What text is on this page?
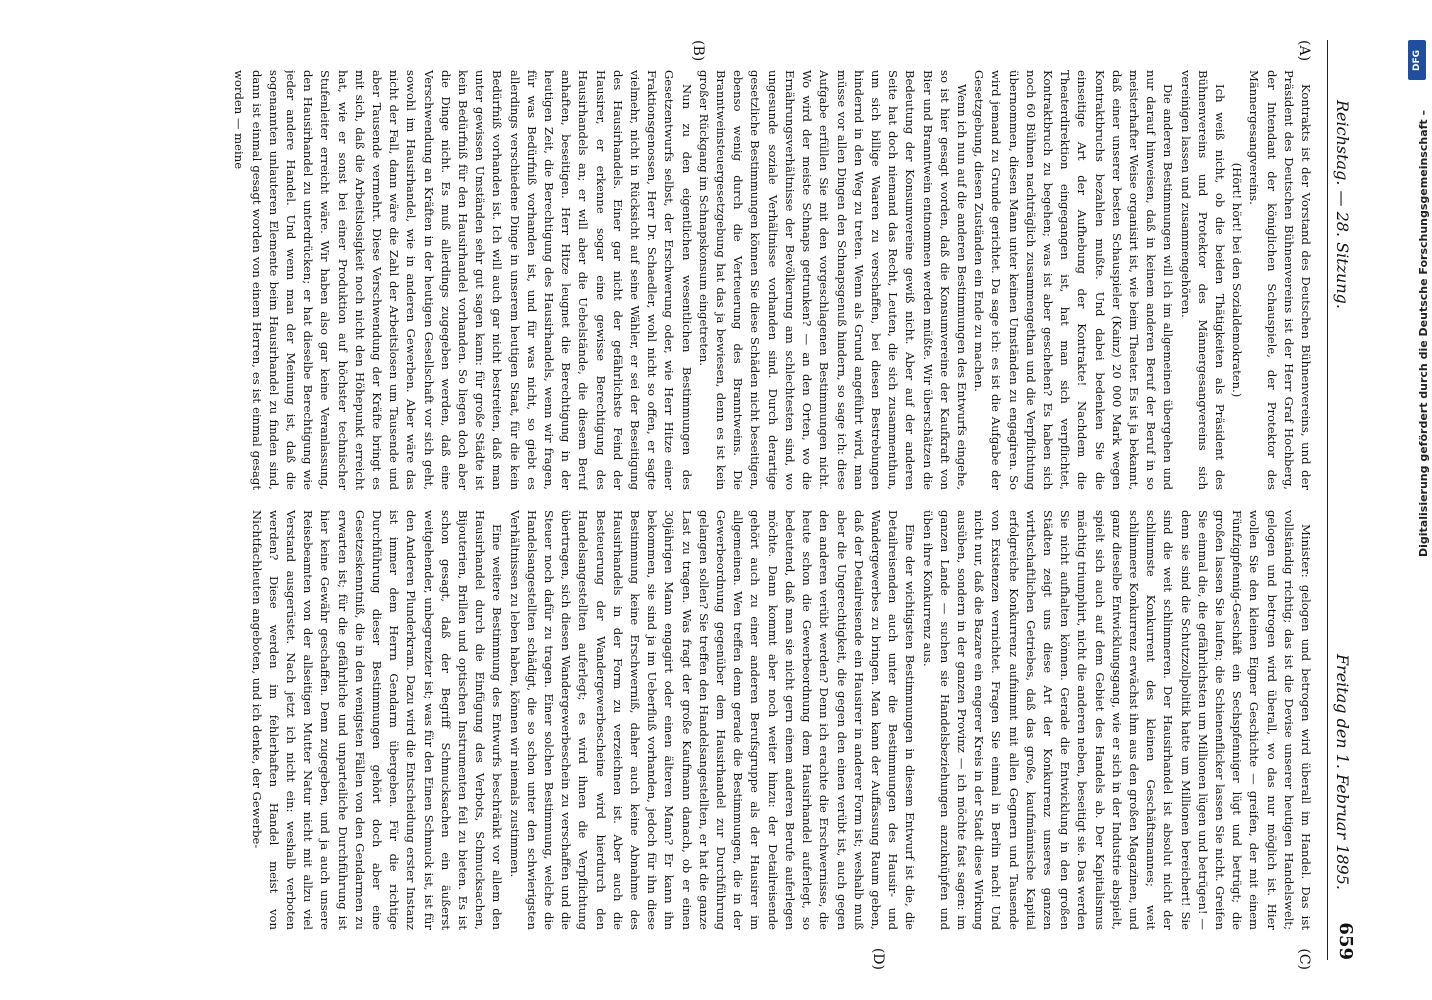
Reichstag. — 28. Sitzung.
Freitag den 1. Februar 1895.
659
(A)
(B)
(C)
(D)

Kontrakts ist der Vorstand des Deutschen Bühnenvereins, und der Präsident des Deutschen Bühnenvereins ist der Herr Graf Hochberg, der Intendant der königlichen Schauspiele, der Protektor des Männergesangvereins.

(Hört! hört! bei den Sozialdemokraten.)

Ich weiß nicht, ob die beiden Thätigkeiten als Präsident des Bühnenvereins und Protektor des Männergesangvereins sich vereinigen lassen und zusammengehören.

Die anderen Bestimmungen will ich im allgemeinen übergehen und nur darauf hinweisen, daß in keinem anderen Beruf der Beruf in so meisterhafter Weise organisirt ist, wie beim Theater. Es ist ja bekannt, daß einer unserer besten Schauspieler (Kainz) 20 000 Mark wegen Kontraktbruchs bezahlen mußte. Und dabei bedenken Sie die einseitige Art der Aufhebung der Kontrakte! Nachdem die Theaterdirektion eingegangen ist, hat man sich verpflichtet, Kontraktbruch zu begehen; was ist aber geschehen? Es haben sich noch 60 Bühnen nachträglich zusammengethan und die Verpflichtung übernommen, diesen Mann unter keinen Umständen zu engagiren. So wird jemand zu Grunde gerichtet. Da sage ich: es ist die Aufgabe der Gesetzgebung, diesen Zuständen ein Ende zu machen.

Wenn ich nun auf die anderen Bestimmungen des Entwurfs eingehe, so ist hier gesagt worden, daß die Konsumvereine der Kaufkraft von Bier und Branntwein entnommen werden müßte. Wir überschätzen die Bedeutung der Konsumvereine gewiß nicht. Aber auf der anderen Seite hat doch niemand das Recht, Leuten, die sich zusammenthun, um sich billige Waaren zu verschaffen, bei diesen Bestrebungen hindernd in den Weg zu treten. Wenn als Grund angeführt wird, man müsse vor allen Dingen den Schnapsgenuß hindern, so sage ich: diese Aufgabe erfüllen Sie mit den vorgeschlagenen Bestimmungen nicht. Wo wird der meiste Schnaps getrunken? — an den Orten, wo die Ernährungsverhältnisse der Bevölkerung am schlechtesten sind, wo ungesunde soziale Verhältnisse vorhanden sind. Durch derartige gesetzliche Bestimmungen können Sie diese Schäden nicht beseitigen, ebenso wenig durch die Verteuerung des Branntweins. Die Branntweinsteuergesetzgebung hat das ja bewiesen, denn es ist kein großer Rückgang im Schnapskonsum eingetreten.

Nun zu den eigentlichen wesentlichen Bestimmungen des Gesetzentwurfs selbst, der Erschwerung oder, wie Herr Hitze einer Fraktionsgenossen, Herr Dr. Schaedler, wohl nicht so offen, er sagte vielmehr, nicht in Rücksicht auf seine Wähler, er sei der Beseitigung des Hausirhandels. Einer gar nicht der gefährlichste Feind der Hausirer, er erkenne sogar eine gewisse Berechtigung des Hausirhandels an; er will aber die Uebelstände, die diesem Beruf anhaften, beseitigen. Herr Hitze leugnet die Berechtigung in der heutigen Zeit, die Berechtigung des Hausirhandels, wenn wir fragen, für was Bedürfniß vorhanden ist, und für was nicht, so giebt es allerdings verschiedene Dinge in unserem heutigen Staat, für die kein Bedürfniß vorhanden ist. Ich will auch gar nicht bestreiten, daß man unter gewissen Umständen sehr gut sagen kann: für große Städte ist kein Bedürfniß für den Hausirhandel vorhanden. So liegen doch aber die Dinge nicht. Es muß allerdings zugegeben werden, daß eine Verschwendung an Kräften in der heutigen Gesellschaft vor sich geht, sowohl im Hausirhandel, wie in anderen Gewerben. Aber wäre das nicht der Fall, dann wäre die Zahl der Arbeitslosen um Tausende und aber Tausende vermehrt. Diese Verschwendung der Kräfte bringt es mit sich, daß die Arbeitslosigkeit noch nicht den Höhepunkt erreicht hat, wie er sonst bei einer Produktion auf höchster technischer Stufenleiter erreicht wäre. Wir haben also gar keine Veranlassung, den Hausirhandel zu unterdrücken; er hat dieselbe Berechtigung wie jeder andere Handel. Und wenn man der Meinung ist, daß die sogenannten unlauteren Elemente beim Hausirhandel zu finden sind, dann ist einmal gesagt worden von einem Herren, es ist einmal gesagt worden — meine

Minister: gelogen und betrogen wird überall im Handel. Das ist vollständig richtig; das ist die Devise unserer heutigen Handelswelt; gelogen und betrogen wird überall, wo das nur möglich ist. Hier wollen Sie den kleinen Eigner Geschichte — greifen, der mit einem Fünfzigpfennig-Geschäft ein Sechspfenniger lügt und betrügt; die großen lassen Sie laufen; die Schienenflicker lassen Sie nicht. Greifen Sie einmal die, die gefährlichsten um Millionen lügen und betrügen! — denn sie sind die Schutzzollpolitik hatte um Millionen bereichert! Sie sind die weit schlimmeren. Der Hausirhandel ist absolut nicht der schlimmste Konkurrent des kleinen Geschäftsmannes; weit schlimmere Konkurrenz erwächst ihm aus den großen Magazinen, und ganz dieselbe Entwicklungsgang, wie er sich in der Industrie abspielt, spielt sich auch auf dem Gebiet des Handels ab. Der Kapitalismus mächtig triumphirt, nicht die anderen neben, beseitigt sie. Das werden Sie nicht aufhalten können. Gerade die Entwicklung in den großen Städten zeigt uns diese Art der Konkurrenz unseres ganzen wirthschaftlichen Getriebes, daß das große, kaufmännische Kapital erfolgreiche Konkurrenz aufnimmt mit allen Gegnern und Tausende von Existenzen vernichtet. Fragen Sie einmal in Berlin nach! Und nicht nur, daß die Bazare ein engerer Kreis in der Stadt diese Wirkung ausüben, sondern in der ganzen Provinz — ich möchte fast sagen: im ganzen Lande — suchen sie Handelsbeziehungen anzuknüpfen und üben ihre Konkurrenz aus.

Eine der wichtigsten Bestimmungen in diesem Entwurf ist die, die Detailreisenden auch unter die Bestimmungen des Hausir- und Wandergewerbes zu bringen. Man kann der Auffassung Raum geben, daß der Detailreisende ein Hausirer in anderer Form ist; weshalb muß aber die Ungerechtigkeit, die gegen den einen verübt ist, auch gegen den anderen verübt werden? Denn ich erachte die Erschwernisse, die heute schon die Gewerbeordnung dem Hausirhandel auferlegt, so bedeutend, daß man sie nicht gern einem anderen Berufe auferlegen möchte. Dann kommt aber noch weiter hinzu: der Detailreisende gehört auch zu einer anderen Berufsgruppe als der Hausirer im allgemeinen. Wen treffen denn gerade die Bestimmungen, die in der Gewerbeordnung gegenüber dem Hausirhandel zur Durchführung gelangen sollen? Sie treffen den Handelsangestellten, er hat die ganze Last zu tragen. Was fragt der große Kaufmann danach, ob er einen 30jährigen Mann engagirt oder einen älteren Mann? Er kann ihn bekommen, sie sind ja im Ueberfluß vorhanden, jedoch für ihn diese Bestimmung keine Erschwerniß, daher auch keine Abnahme des Hausirhandels in der Form zu verzeichnen ist. Aber auch die Besteuerung der Wandergewerbescheine wird hierdurch den Handelsangestellten auferlegt; es wird ihnen die Verpflichtung übertragen, sich diesen Wandergewerbeschein zu verschaffen und die Steuer noch dafür zu tragen. Einer solchen Bestimmung, welche die Handelsangestellten schädigt, die so schon unter den schwierigsten Verhältnissen zu leben haben, können wir niemals zustimmen.

Eine weitere Bestimmung des Entwurfs beschränkt vor allem den Hausirhandel durch die Einfügung des Verbots, Schmucksachen, Bijouterien, Brillen und optischen Instrumenten feil zu bieten. Es ist schon gesagt, daß der Begriff Schmucksachen ein äußerst weitgehender, unbegrenzter ist; was für den Einen Schmuck ist, ist für den Anderen Plunderkram. Dazu wird die Entscheidung erster Instanz ist immer dem Herrn Gendarm übergeben. Für die richtige Durchführung dieser Bestimmungen gehört doch aber eine Gesetzeskenntniß, die in den wenigsten Fällen von den Gendarmen zu erwarten ist; für die gefährliche und unparteiliche Durchführung ist hier keine Gewähr geschaffen. Denn zugegeben, und ja auch unsere Reisebeamten von der allseitigen Mutter Natur nicht mit allzu viel Verstand ausgerüstet. Nach jetzt ich nicht ein: weshalb verboten werden? Diese werden im fehlerhaften Handel meist von Nichtfachleuten angeboten, und ich denke, der Gewerbe-

DFG
Digitalisierung gefördert durch die Deutsche Forschungsgemeinschaft –
